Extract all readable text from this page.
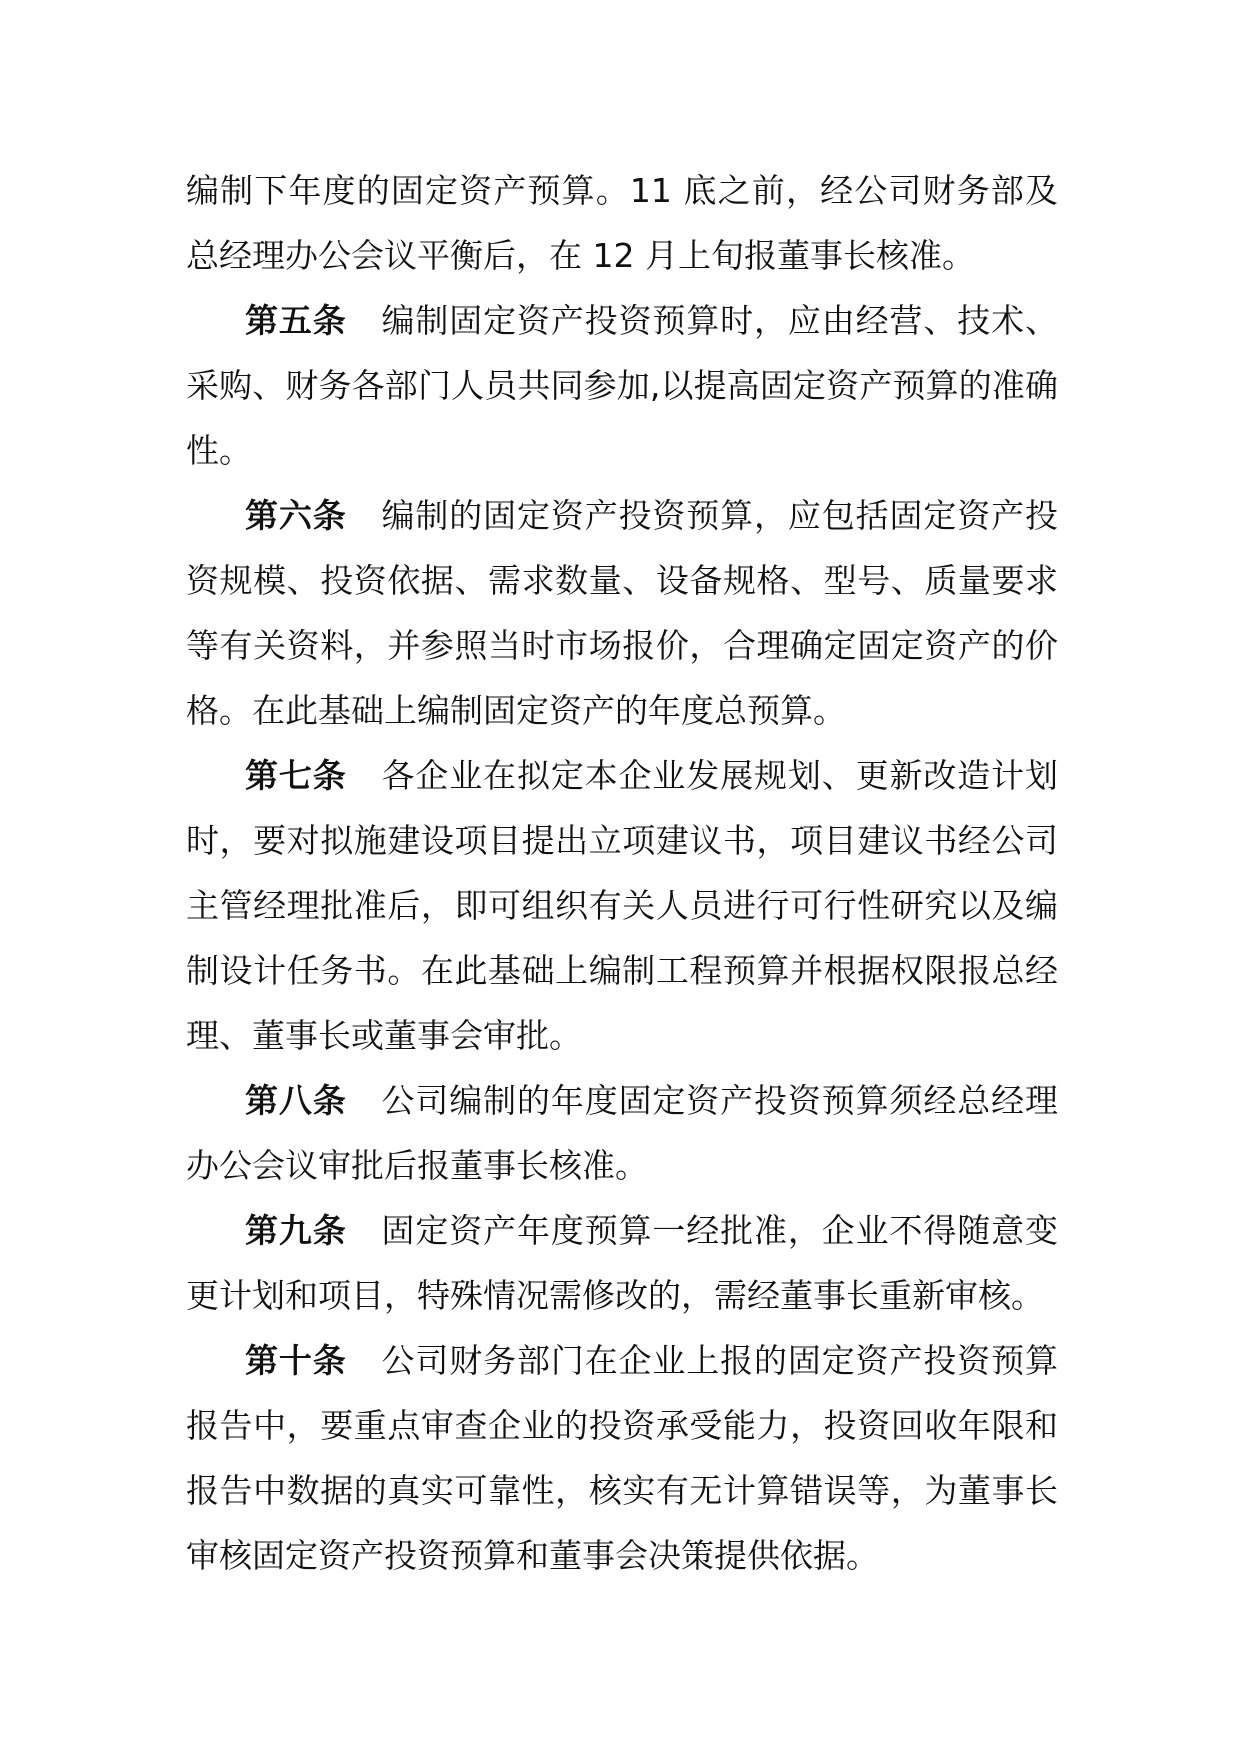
编制下年度的固定资产预算。11 底之前，经公司财务部及总经理办公会议平衡后，在 12 月上旬报董事长核准。

第五条 编制固定资产投资预算时，应由经营、技术、采购、财务各部门人员共同参加,以提高固定资产预算的准确性。

第六条 编制的固定资产投资预算，应包括固定资产投资规模、投资依据、需求数量、设备规格、型号、质量要求等有关资料，并参照当时市场报价，合理确定固定资产的价格。在此基础上编制固定资产的年度总预算。

第七条 各企业在拟定本企业发展规划、更新改造计划时，要对拟施建设项目提出立项建议书，项目建议书经公司主管经理批准后，即可组织有关人员进行可行性研究以及编制设计任务书。在此基础上编制工程预算并根据权限报总经理、董事长或董事会审批。

第八条 公司编制的年度固定资产投资预算须经总经理办公会议审批后报董事长核准。

第九条 固定资产年度预算一经批准，企业不得随意变更计划和项目，特殊情况需修改的，需经董事长重新审核。

第十条 公司财务部门在企业上报的固定资产投资预算报告中，要重点审查企业的投资承受能力，投资回收年限和报告中数据的真实可靠性，核实有无计算错误等，为董事长审核固定资产投资预算和董事会决策提供依据。
